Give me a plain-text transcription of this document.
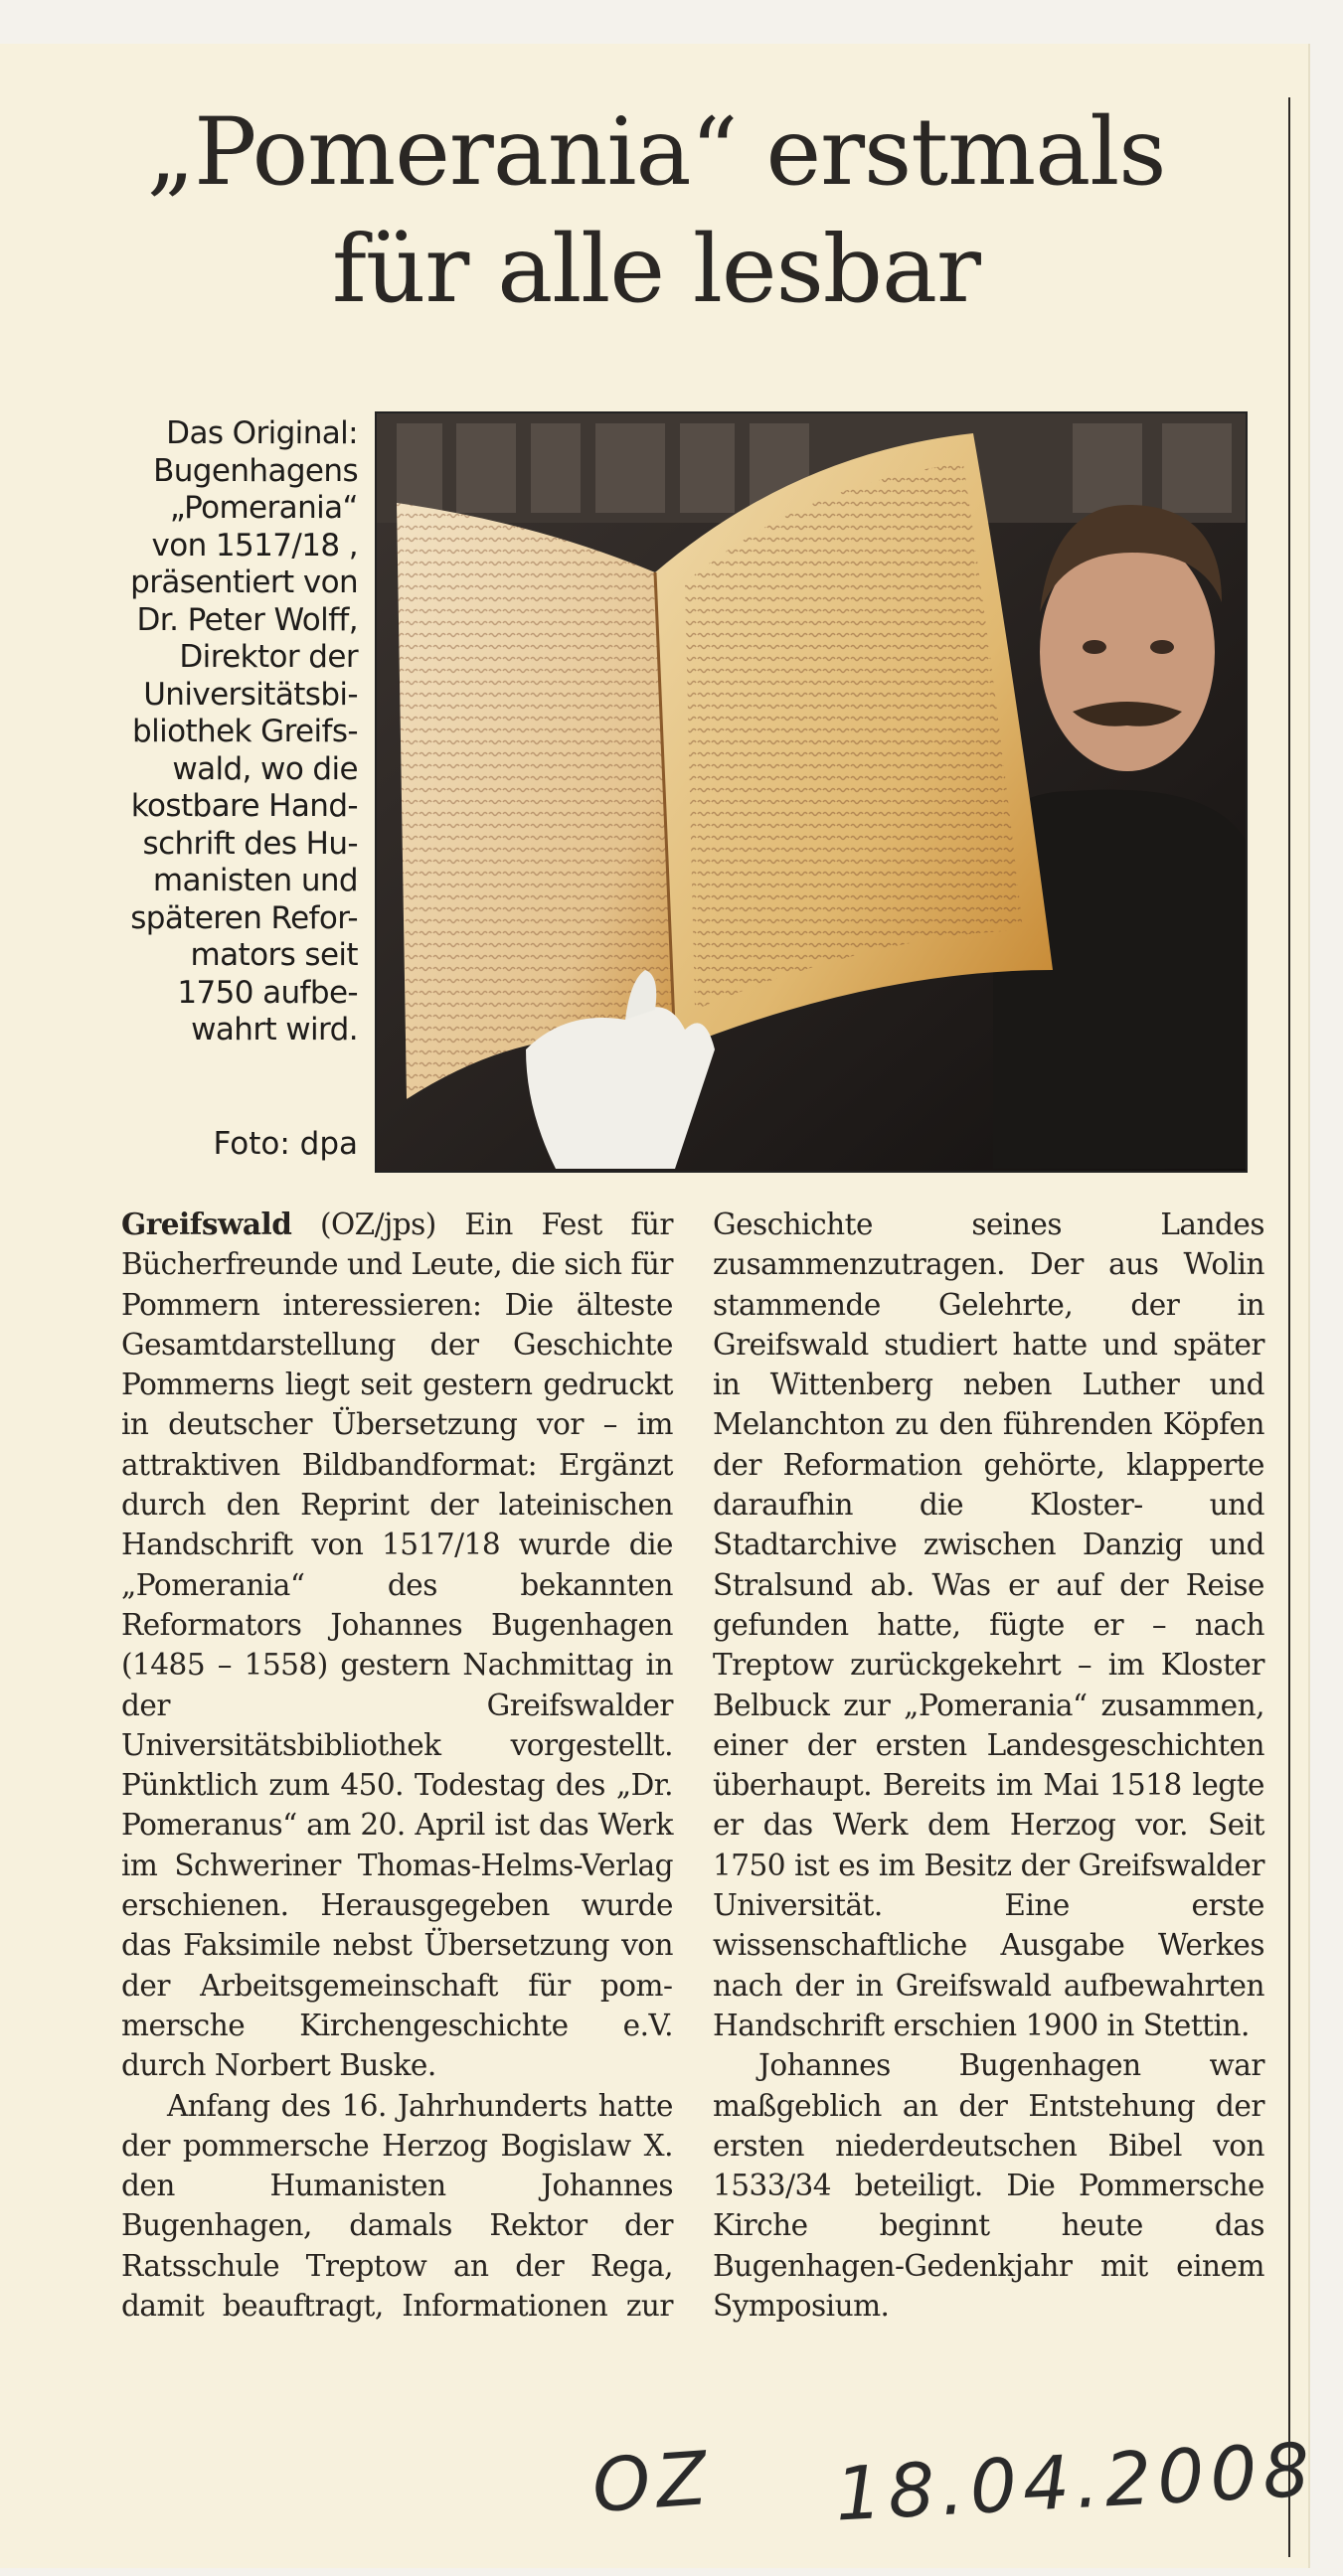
„Pomerania“ erstmals
für alle lesbar
Das Original:
Bugenhagens
„Pomerania“
von 1517/18 ,
präsentiert von
Dr. Peter Wolff,
Direktor der
Universitätsbi-
bliothek Greifs-
wald, wo die
kostbare Hand-
schrift des Hu-
manisten und
späteren Refor-
mators seit
1750 aufbe-
wahrt wird.
Foto: dpa

Greifswald (OZ/jps) Ein Fest für Bücherfreunde und Leute, die sich für Pommern interessieren: Die älteste Gesamtdarstellung der Geschichte Pommerns liegt seit gestern gedruckt in deutscher Übersetzung vor – im attraktiven Bildbandformat: Ergänzt durch den Reprint der lateinischen Handschrift von 1517/18 wurde die „Pomerania“ des bekannten Reformators Johannes Bugenhagen (1485 – 1558) gestern Nachmittag in der Greifswalder Universitätsbibliothek vorgestellt. Pünktlich zum 450. Todestag des „Dr. Pomeranus“ am 20. April ist das Werk im Schweriner Thomas-Helms-Verlag erschienen. Herausgegeben wurde das Faksimile nebst Übersetzung von der Arbeitsgemeinschaft für pommersche Kirchengeschichte e.V. durch Norbert Buske.

Anfang des 16. Jahrhunderts hatte der pommersche Herzog Bogislaw X. den Humanisten Johannes Bugenhagen, damals Rektor der Ratsschule Treptow an der Rega, damit beauftragt, Informationen zur Geschichte seines Landes zusammenzutragen. Der aus Wolin stammende Gelehrte, der in Greifswald studiert hatte und später in Wittenberg neben Luther und Melanchton zu den führenden Köpfen der Reformation gehörte, klapperte daraufhin die Kloster- und Stadtarchive zwischen Danzig und Stralsund ab. Was er auf der Reise gefunden hatte, fügte er – nach Treptow zurückgekehrt – im Kloster Belbuck zur „Pomerania“ zusammen, einer der ersten Landesgeschichten überhaupt. Bereits im Mai 1518 legte er das Werk dem Herzog vor. Seit 1750 ist es im Besitz der Greifswalder Universität. Eine erste wissenschaftliche Ausgabe Werkes nach der in Greifswald aufbewahrten Handschrift erschien 1900 in Stettin.

Johannes Bugenhagen war maßgeblich an der Entstehung der ersten niederdeutschen Bibel von 1533/34 beteiligt. Die Pommersche Kirche beginnt heute das Bugenhagen-Gedenkjahr mit einem Symposium.

OZ 18.04.2008
